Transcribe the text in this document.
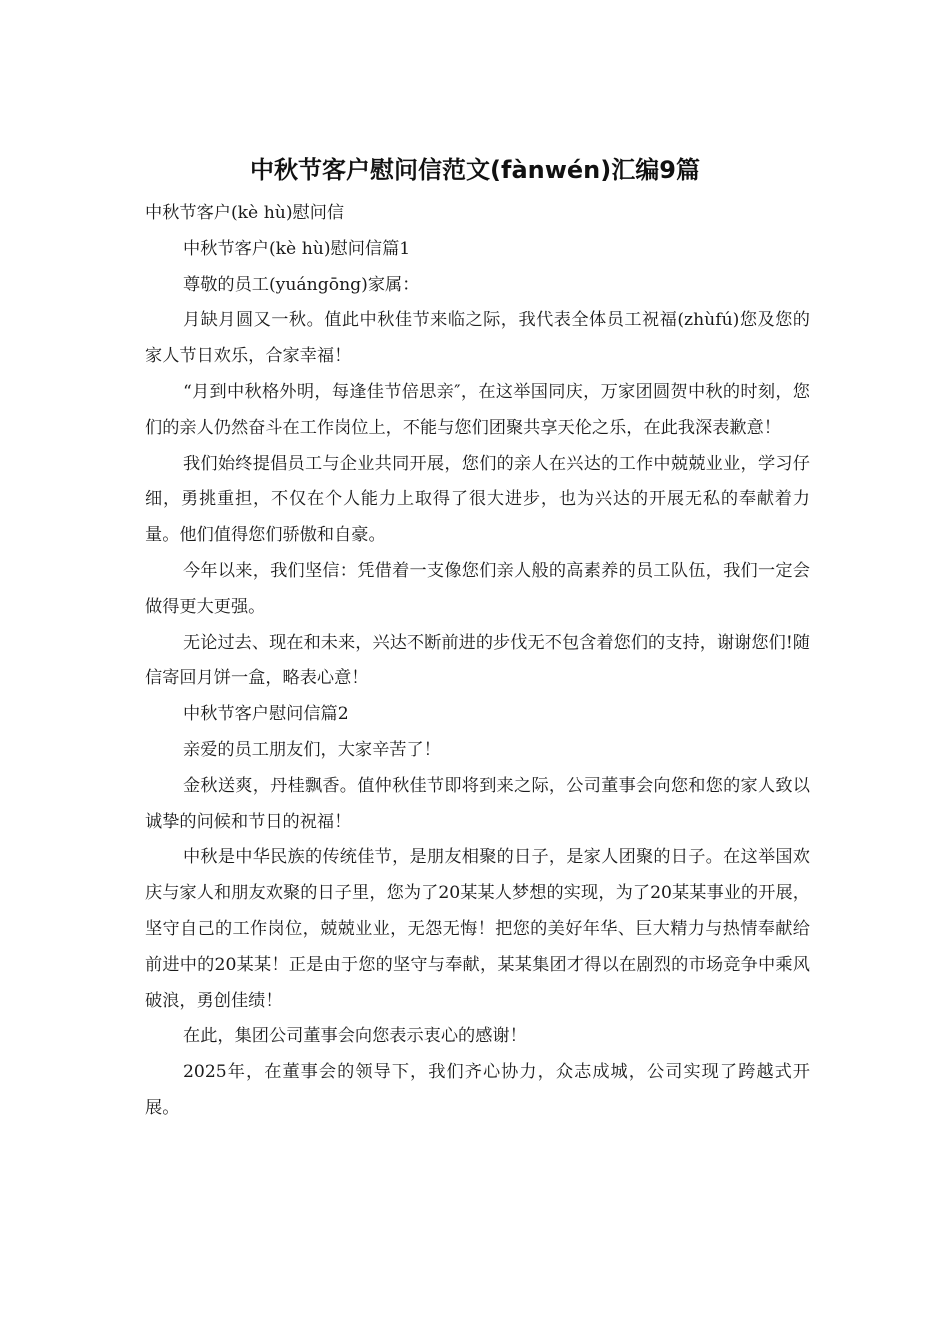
中秋节客户慰问信范文(fànwén)汇编9篇

中秋节客户(kè hù)慰问信

中秋节客户(kè hù)慰问信篇1

尊敬的员工(yuángōng)家属：

月缺月圆又一秋。值此中秋佳节来临之际，我代表全体员工祝福(zhùfú)您及您的家人节日欢乐，合家幸福！

“月到中秋格外明，每逢佳节倍思亲″，在这举国同庆，万家团圆贺中秋的时刻，您们的亲人仍然奋斗在工作岗位上，不能与您们团聚共享天伦之乐，在此我深表歉意！

我们始终提倡员工与企业共同开展，您们的亲人在兴达的工作中兢兢业业，学习仔细，勇挑重担，不仅在个人能力上取得了很大进步，也为兴达的开展无私的奉献着力量。他们值得您们骄傲和自豪。

今年以来，我们坚信：凭借着一支像您们亲人般的高素养的员工队伍，我们一定会做得更大更强。

无论过去、现在和未来，兴达不断前进的步伐无不包含着您们的支持，谢谢您们!随信寄回月饼一盒，略表心意！

中秋节客户慰问信篇2

亲爱的员工朋友们，大家辛苦了！

金秋送爽，丹桂飘香。值仲秋佳节即将到来之际，公司董事会向您和您的家人致以诚挚的问候和节日的祝福！

中秋是中华民族的传统佳节，是朋友相聚的日子，是家人团聚的日子。在这举国欢庆与家人和朋友欢聚的日子里，您为了20某某人梦想的实现，为了20某某事业的开展，坚守自己的工作岗位，兢兢业业，无怨无悔！把您的美好年华、巨大精力与热情奉献给前进中的20某某！正是由于您的坚守与奉献，某某集团才得以在剧烈的市场竞争中乘风破浪，勇创佳绩！

在此，集团公司董事会向您表示衷心的感谢！

2025年，在董事会的领导下，我们齐心协力，众志成城，公司实现了跨越式开展。
